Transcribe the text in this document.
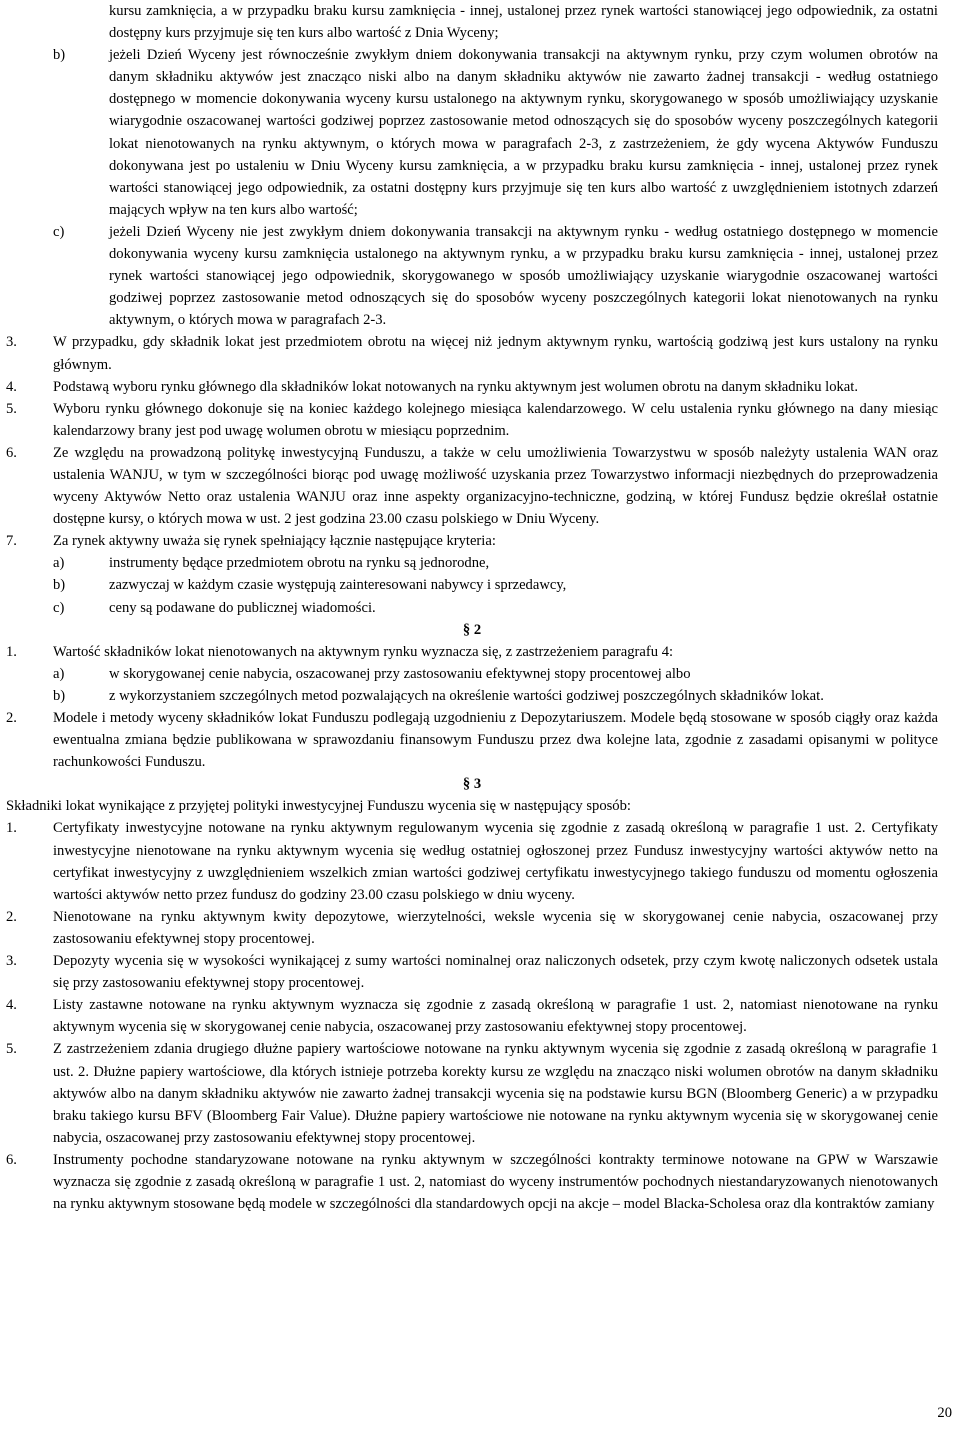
kursu zamknięcia, a w przypadku braku kursu zamknięcia - innej, ustalonej przez rynek wartości stanowiącej jego odpowiednik, za ostatni dostępny kurs przyjmuje się ten kurs albo wartość z Dnia Wyceny;

b)	jeżeli Dzień Wyceny jest równocześnie zwykłym dniem dokonywania transakcji na aktywnym rynku, przy czym wolumen obrotów na danym składniku aktywów jest znacząco niski albo na danym składniku aktywów nie zawarto żadnej transakcji - według ostatniego dostępnego w momencie dokonywania wyceny kursu ustalonego na aktywnym rynku, skorygowanego w sposób umożliwiający uzyskanie wiarygodnie oszacowanej wartości godziwej poprzez zastosowanie metod odnoszących się do sposobów wyceny poszczególnych kategorii lokat nienotowanych na rynku aktywnym, o których mowa w paragrafach 2-3, z zastrzeżeniem, że gdy wycena Aktywów Funduszu dokonywana jest po ustaleniu w Dniu Wyceny kursu zamknięcia, a w przypadku braku kursu zamknięcia - innej, ustalonej przez rynek wartości stanowiącej jego odpowiednik, za ostatni dostępny kurs przyjmuje się ten kurs albo wartość z uwzględnieniem istotnych zdarzeń mających wpływ na ten kurs albo wartość;

c)	jeżeli Dzień Wyceny nie jest zwykłym dniem dokonywania transakcji na aktywnym rynku - według ostatniego dostępnego w momencie dokonywania wyceny kursu zamknięcia ustalonego na aktywnym rynku, a w przypadku braku kursu zamknięcia - innej, ustalonej przez rynek wartości stanowiącej jego odpowiednik, skorygowanego w sposób umożliwiający uzyskanie wiarygodnie oszacowanej wartości godziwej poprzez zastosowanie metod odnoszących się do sposobów wyceny poszczególnych kategorii lokat nienotowanych na rynku aktywnym, o których mowa w paragrafach 2-3.

3. W przypadku, gdy składnik lokat jest przedmiotem obrotu na więcej niż jednym aktywnym rynku, wartością godziwą jest kurs ustalony na rynku głównym.

4. Podstawą wyboru rynku głównego dla składników lokat notowanych na rynku aktywnym jest wolumen obrotu na danym składniku lokat.

5. Wyboru rynku głównego dokonuje się na koniec każdego kolejnego miesiąca kalendarzowego. W celu ustalenia rynku głównego na dany miesiąc kalendarzowy brany jest pod uwagę wolumen obrotu w miesiącu poprzednim.

6. Ze względu na prowadzoną politykę inwestycyjną Funduszu, a także w celu umożliwienia Towarzystwu w sposób należyty ustalenia WAN oraz ustalenia WANJU, w tym w szczególności biorąc pod uwagę możliwość uzyskania przez Towarzystwo informacji niezbędnych do przeprowadzenia wyceny Aktywów Netto oraz ustalenia WANJU oraz inne aspekty organizacyjno-techniczne, godziną, w której Fundusz będzie określał ostatnie dostępne kursy, o których mowa w ust. 2 jest godzina 23.00 czasu polskiego w Dniu Wyceny.

7. Za rynek aktywny uważa się rynek spełniający łącznie następujące kryteria:

a)	instrumenty będące przedmiotem obrotu na rynku są jednorodne,

b)	zazwyczaj w każdym czasie występują zainteresowani nabywcy i sprzedawcy,

c)	ceny są podawane do publicznej wiadomości.

§ 2

1. Wartość składników lokat nienotowanych na aktywnym rynku wyznacza się, z zastrzeżeniem paragrafu 4:

a)	w skorygowanej cenie nabycia, oszacowanej przy zastosowaniu efektywnej stopy procentowej albo

b)	z wykorzystaniem szczególnych metod pozwalających na określenie wartości godziwej poszczególnych składników lokat.

2. Modele i metody wyceny składników lokat Funduszu podlegają uzgodnieniu z Depozytariuszem. Modele będą stosowane w sposób ciągły oraz każda ewentualna zmiana będzie publikowana w sprawozdaniu finansowym Funduszu przez dwa kolejne lata, zgodnie z zasadami opisanymi w polityce rachunkowości Funduszu.

§ 3

Składniki lokat wynikające z przyjętej polityki inwestycyjnej Funduszu wycenia się w następujący sposób:

1. Certyfikaty inwestycyjne notowane na rynku aktywnym regulowanym wycenia się zgodnie z zasadą określoną w paragrafie 1 ust. 2. Certyfikaty inwestycyjne nienotowane na rynku aktywnym wycenia się według ostatniej ogłoszonej przez Fundusz inwestycyjny wartości aktywów netto na certyfikat inwestycyjny z uwzględnieniem wszelkich zmian wartości godziwej certyfikatu inwestycyjnego takiego funduszu od momentu ogłoszenia wartości aktywów netto przez fundusz do godziny 23.00 czasu polskiego w dniu wyceny.

2. Nienotowane na rynku aktywnym kwity depozytowe, wierzytelności, weksle wycenia się w skorygowanej cenie nabycia, oszacowanej przy zastosowaniu efektywnej stopy procentowej.

3. Depozyty wycenia się w wysokości wynikającej z sumy wartości nominalnej oraz naliczonych odsetek, przy czym kwotę naliczonych odsetek ustala się przy zastosowaniu efektywnej stopy procentowej.

4. Listy zastawne notowane na rynku aktywnym wyznacza się zgodnie z zasadą określoną w paragrafie 1 ust. 2, natomiast nienotowane na rynku aktywnym wycenia się w skorygowanej cenie nabycia, oszacowanej przy zastosowaniu efektywnej stopy procentowej.

5. Z zastrzeżeniem zdania drugiego dłużne papiery wartościowe notowane na rynku aktywnym wycenia się zgodnie z zasadą określoną w paragrafie 1 ust. 2. Dłużne papiery wartościowe, dla których istnieje potrzeba korekty kursu ze względu na znacząco niski wolumen obrotów na danym składniku aktywów albo na danym składniku aktywów nie zawarto żadnej transakcji wycenia się na podstawie kursu BGN (Bloomberg Generic) a w przypadku braku takiego kursu BFV (Bloomberg Fair Value). Dłużne papiery wartościowe nie notowane na rynku aktywnym wycenia się w skorygowanej cenie nabycia, oszacowanej przy zastosowaniu efektywnej stopy procentowej.

6. Instrumenty pochodne standaryzowane notowane na rynku aktywnym w szczególności kontrakty terminowe notowane na GPW w Warszawie wyznacza się zgodnie z zasadą określoną w paragrafie 1 ust. 2, natomiast do wyceny instrumentów pochodnych niestandaryzowanych nienotowanych na rynku aktywnym stosowane będą modele w szczególności dla standardowych opcji na akcje – model Blacka-Scholesa oraz dla kontraktów zamiany

20
